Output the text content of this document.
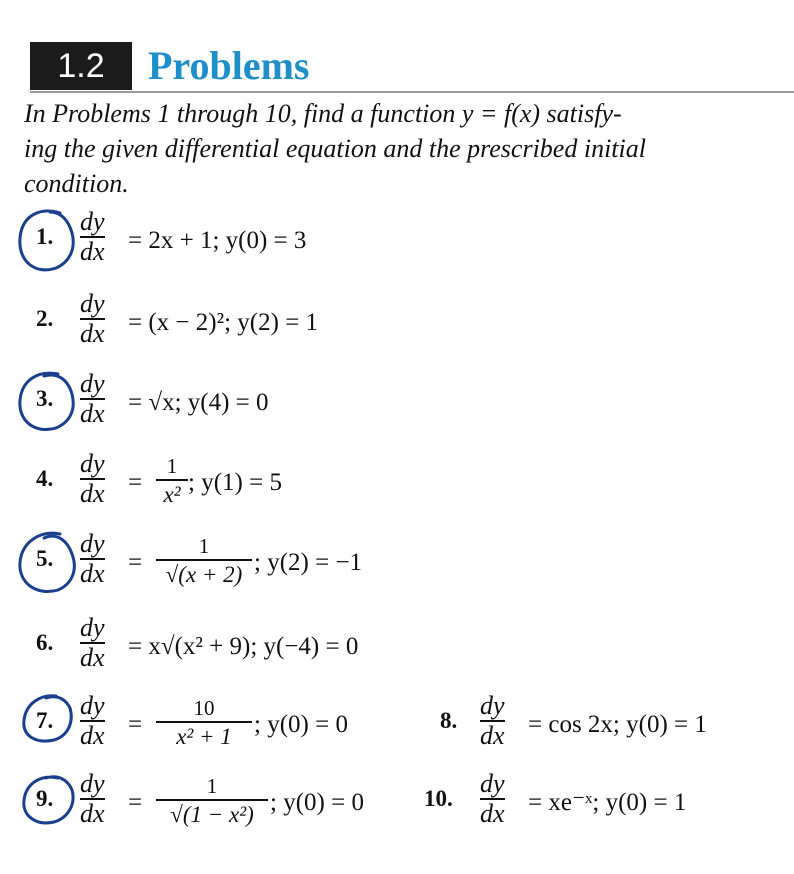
1.2	Problems

In Problems 1 through 10, find a function y = f(x) satisfy-

ing the given differential equation and the prescribed initial

condition.

1.
dy
dx = 2x + 1; y(0) = 3
2.
dy
dx = (x − 2)²; y(2) = 1
3.
dy
dx = √x; y(4) = 0
4.
dy
dx =
1
x² ; y(1) = 5
5.
dy
dx =
1
√(x + 2) ; y(2) = −1
6.
dy
dx = x√(x² + 9); y(−4) = 0
7.
dy
dx =
10
x² + 1 ; y(0) = 0	8.
dy
dx = cos 2x; y(0) = 1
9.
dy
dx =
1
√(1 − x²) ; y(0) = 0	10.
dy
dx = xe⁻ˣ; y(0) = 1
